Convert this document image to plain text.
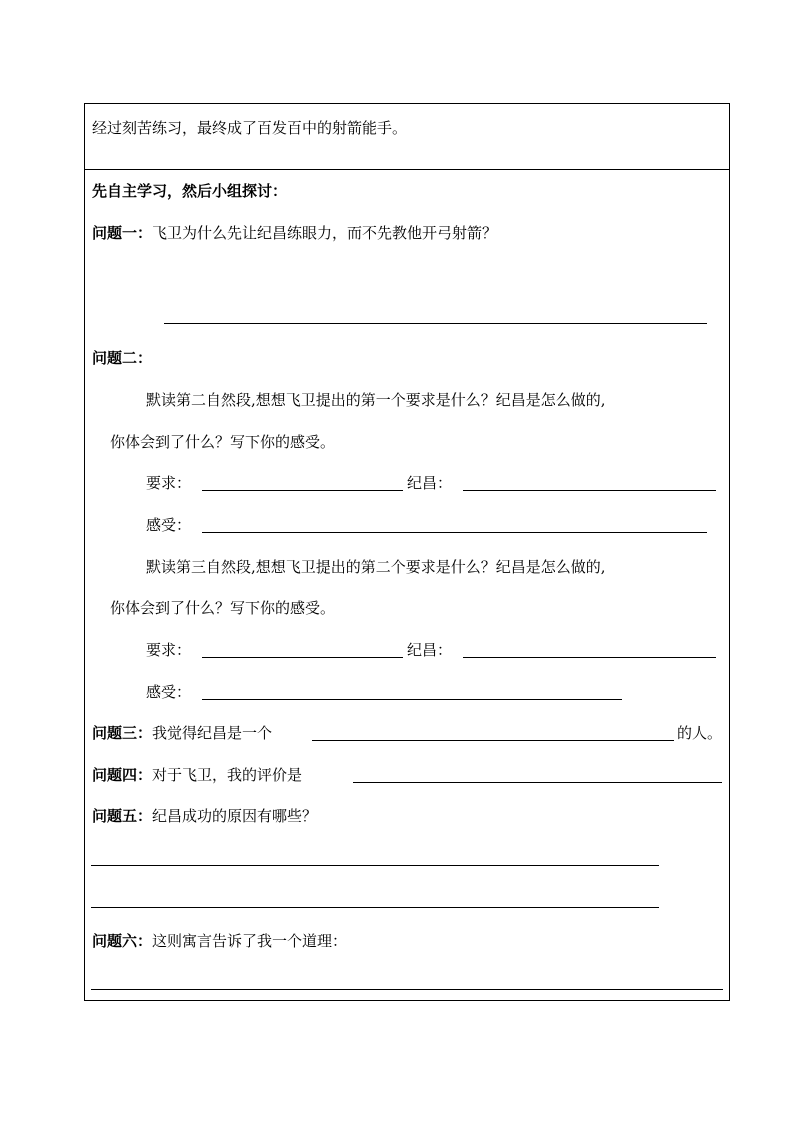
经过刻苦练习，最终成了百发百中的射箭能手。
先自主学习，然后小组探讨：
问题一：飞卫为什么先让纪昌练眼力，而不先教他开弓射箭？
问题二：
默读第二自然段,想想飞卫提出的第一个要求是什么？纪昌是怎么做的,
你体会到了什么？写下你的感受。
要求：	纪昌：
感受：
默读第三自然段,想想飞卫提出的第二个要求是什么？纪昌是怎么做的,
你体会到了什么？写下你的感受。
要求：	纪昌：
感受：
问题三：我觉得纪昌是一个	的人。
问题四：对于飞卫，我的评价是
问题五：纪昌成功的原因有哪些？
问题六：这则寓言告诉了我一个道理：
